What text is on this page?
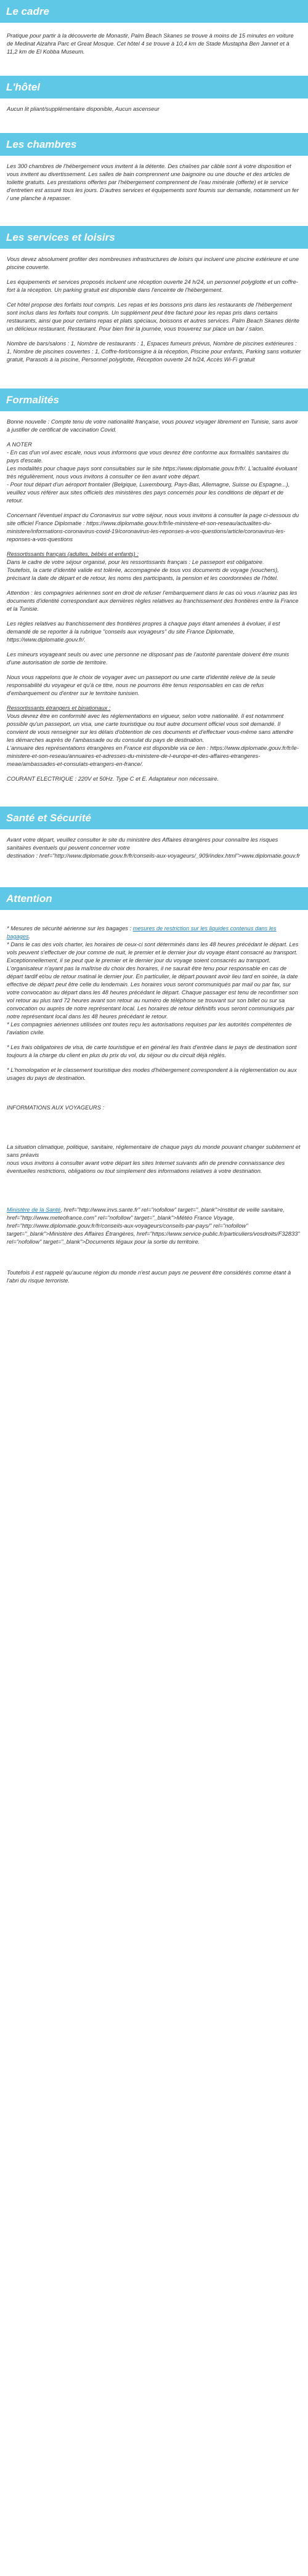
Le cadre

Pratique pour partir à la découverte de Monastir, Palm Beach Skanes se trouve à moins de 15 minutes en voiture de Medinat Alzahra Parc et Great Mosque. Cet hôtel 4 se trouve à 10,4 km de Stade Mustapha Ben Jannet et à 11,2 km de El Kobba Museum.

L'hôtel

Aucun lit pliant/supplémentaire disponible, Aucun ascenseur

Les chambres

Les 300 chambres de l'hébergement vous invitent à la détente. Des chaînes par câble sont à votre disposition et vous invitent au divertissement. Les salles de bain comprennent une baignoire ou une douche et des articles de toilette gratuits. Les prestations offertes par l'hébergement comprennent de l'eau minérale (offerte) et le service d'entretien est assuré tous les jours. D'autres services et équipements sont fournis sur demande, notamment un fer / une planche à repasser.

Les services et loisirs

Vous devez absolument profiter des nombreuses infrastructures de loisirs qui incluent une piscine extérieure et une piscine couverte.

Les équipements et services proposés incluent une réception ouverte 24 h/24, un personnel polyglotte et un coffre-fort à la réception. Un parking gratuit est disponible dans l'enceinte de l'hébergement.

Cet hôtel propose des forfaits tout compris. Les repas et les boissons pris dans les restaurants de l'hébergement sont inclus dans les forfaits tout compris. Un supplément peut être facturé pour les repas pris dans certains restaurants, ainsi que pour certains repas et plats spéciaux, boissons et autres services. Palm Beach Skanes dérite un délicieux restaurant, Restaurant. Pour bien finir la journée, vous trouverez sur place un bar / salon.

Nombre de bars/salons : 1, Nombre de restaurants : 1, Espaces fumeurs prévus, Nombre de piscines extérieures : 1, Nombre de piscines couvertes : 1, Coffre-fort/consigne à la réception, Piscine pour enfants, Parking sans voiturier gratuit, Parasols à la piscine, Personnel polyglotte, Réception ouverte 24 h/24, Accès Wi-Fi gratuit

Formalités

Bonne nouvelle : Compte tenu de votre nationalité française, vous pouvez voyager librement en Tunisie, sans avoir à justifier de certificat de vaccination Covid.

A NOTER
- En cas d'un vol avec escale, nous vous informons que vous devrez être conforme aux formalités sanitaires du pays d'escale.
Les modalités pour chaque pays sont consultables sur le site https://www.diplomatie.gouv.fr/fr/. L'actualité évoluant très régulièrement, nous vous invitons à consulter ce lien avant votre départ.
- Pour tout départ d'un aéroport frontalier (Belgique, Luxembourg, Pays-Bas, Allemagne, Suisse ou Espagne...), veuillez vous référer aux sites officiels des ministères des pays concernés pour les conditions de départ et de retour.

Concernant l'éventuel impact du Coronavirus sur votre séjour, nous vous invitons à consulter la page ci-dessous du site officiel France Diplomatie : https://www.diplomatie.gouv.fr/fr/le-ministere-et-son-reseau/actualites-du-ministere/informations-coronavirus-covid-19/coronavirus-les-reponses-a-vos-questions/article/coronavirus-les-reponses-a-vos-questions

Ressortissants français (adultes, bébés et enfants) :
Dans le cadre de votre séjour organisé, pour les ressortissants français : Le passeport est obligatoire.
Toutefois, la carte d'identité valide est tolérée, accompagnée de tous vos documents de voyage (vouchers), précisant la date de départ et de retour, les noms des participants, la pension et les coordonnées de l'hôtel.

Attention : les compagnies aériennes sont en droit de refuser l'embarquement dans le cas où vous n'auriez pas les documents d'identité correspondant aux dernières règles relatives au franchissement des frontières entre la France et la Tunisie.

Les règles relatives au franchissement des frontières propres à chaque pays étant amenées à évoluer, il est demandé de se reporter à la rubrique "conseils aux voyageurs" du site France Diplomatie, https://www.diplomatie.gouv.fr/.

Les mineurs voyageant seuls ou avec une personne ne disposant pas de l'autorité parentale doivent être munis d'une autorisation de sortie de territoire.

Nous vous rappelons que le choix de voyager avec un passeport ou une carte d'identité relève de la seule responsabilité du voyageur et qu'à ce titre, nous ne pourrons être tenus responsables en cas de refus d'embarquement ou d'entrer sur le territoire tunisien.

Ressortissants étrangers et binationaux :
Vous devrez être en conformité avec les réglementations en vigueur, selon votre nationalité. Il est notamment possible qu'un passeport, un visa, une carte touristique ou tout autre document officiel vous soit demandé. Il convient de vous renseigner sur les délais d'obtention de ces documents et d'effectuer vous-même sans attendre les démarches auprès de l'ambassade ou du consulat du pays de destination.
L'annuaire des représentations étrangères en France est disponible via ce lien : https://www.diplomatie.gouv.fr/fr/le-ministere-et-son-reseau/annuaires-et-adresses-du-ministere-de-l-europe-et-des-affaires-etrangeres-meae/ambassades-et-consulats-etrangers-en-france/.

COURANT ELECTRIQUE : 220V et 50Hz. Type C et E. Adaptateur non nécessaire.

Santé et Sécurité

Avant votre départ, veuillez consulter le site du ministère des Affaires étrangères pour connaître les risques sanitaires éventuels qui peuvent concerner votre
destination : href="http://www.diplomatie.gouv.fr/fr/conseils-aux-voyageurs/_909/index.html">www.diplomatie.gouv.fr

Attention

* Mesures de sécurité aérienne sur les bagages : mesures de restriction sur les liquides contenus dans les bagages.
* Dans le cas des vols charter, les horaires de ceux-ci sont déterminés dans les 48 heures précédant le départ. Les vols peuvent s'effectuer de jour comme de nuit, le premier et le dernier jour du voyage étant consacré au transport. Exceptionnellement, il se peut que le premier et le dernier jour du voyage soient consacrés au transport. L'organisateur n'ayant pas la maîtrise du choix des horaires, il ne saurait être tenu pour responsable en cas de départ tardif et/ou de retour matinal le dernier jour. En particulier, le départ pouvant avoir lieu tard en soirée, la date effective de départ peut être celle du lendemain. Les horaires vous seront communiqués par mail ou par fax, sur votre convocation au départ dans les 48 heures précédant le départ. Chaque passager est tenu de reconfirmer son vol retour au plus tard 72 heures avant son retour au numéro de téléphone se trouvant sur son billet ou sur sa convocation ou auprès de notre représentant local. Les horaires de retour définitifs vous seront communiqués par notre représentant local dans les 48 heures précédant le retour.
* Les compagnies aériennes utilisées ont toutes reçu les autorisations requises par les autorités compétentes de l'aviation civile.

* Les frais obligatoires de visa, de carte touristique et en général les frais d'entrée dans le pays de destination sont toujours à la charge du client en plus du prix du vol, du séjour ou du circuit déjà réglés.

* L'homologation et le classement touristique des modes d'hébergement correspondent à la réglementation ou aux usages du pays de destination.

INFORMATIONS AUX VOYAGEURS :

La situation climatique, politique, sanitaire, réglementaire de chaque pays du monde pouvant changer subitement et sans préavis
nous vous invitons à consulter avant votre départ les sites Internet suivants afin de prendre connaissance des éventuelles restrictions, obligations ou tout simplement des informations relatives à votre destination.

Ministère de la Santé, href="http://www.invs.sante.fr" rel="nofollow" target="_blank">Institut de veille sanitaire,
href="http://www.meteofrance.com" rel="nofollow" target="_blank">Météo France Voyage, href="http://www.diplomatie.gouv.fr/fr/conseils-aux-voyageurs/conseils-par-pays/" rel="nofollow"
target="_blank">Ministère des Affaires Étrangères, href="https://www.service-public.fr/particuliers/vosdroits/F32833" rel="nofollow" target="_blank">Documents légaux pour la sortie du territoire.

Toutefois il est rappelé qu'aucune région du monde n'est aucun pays ne peuvent être considérés comme étant à l'abri du risque terroriste.
